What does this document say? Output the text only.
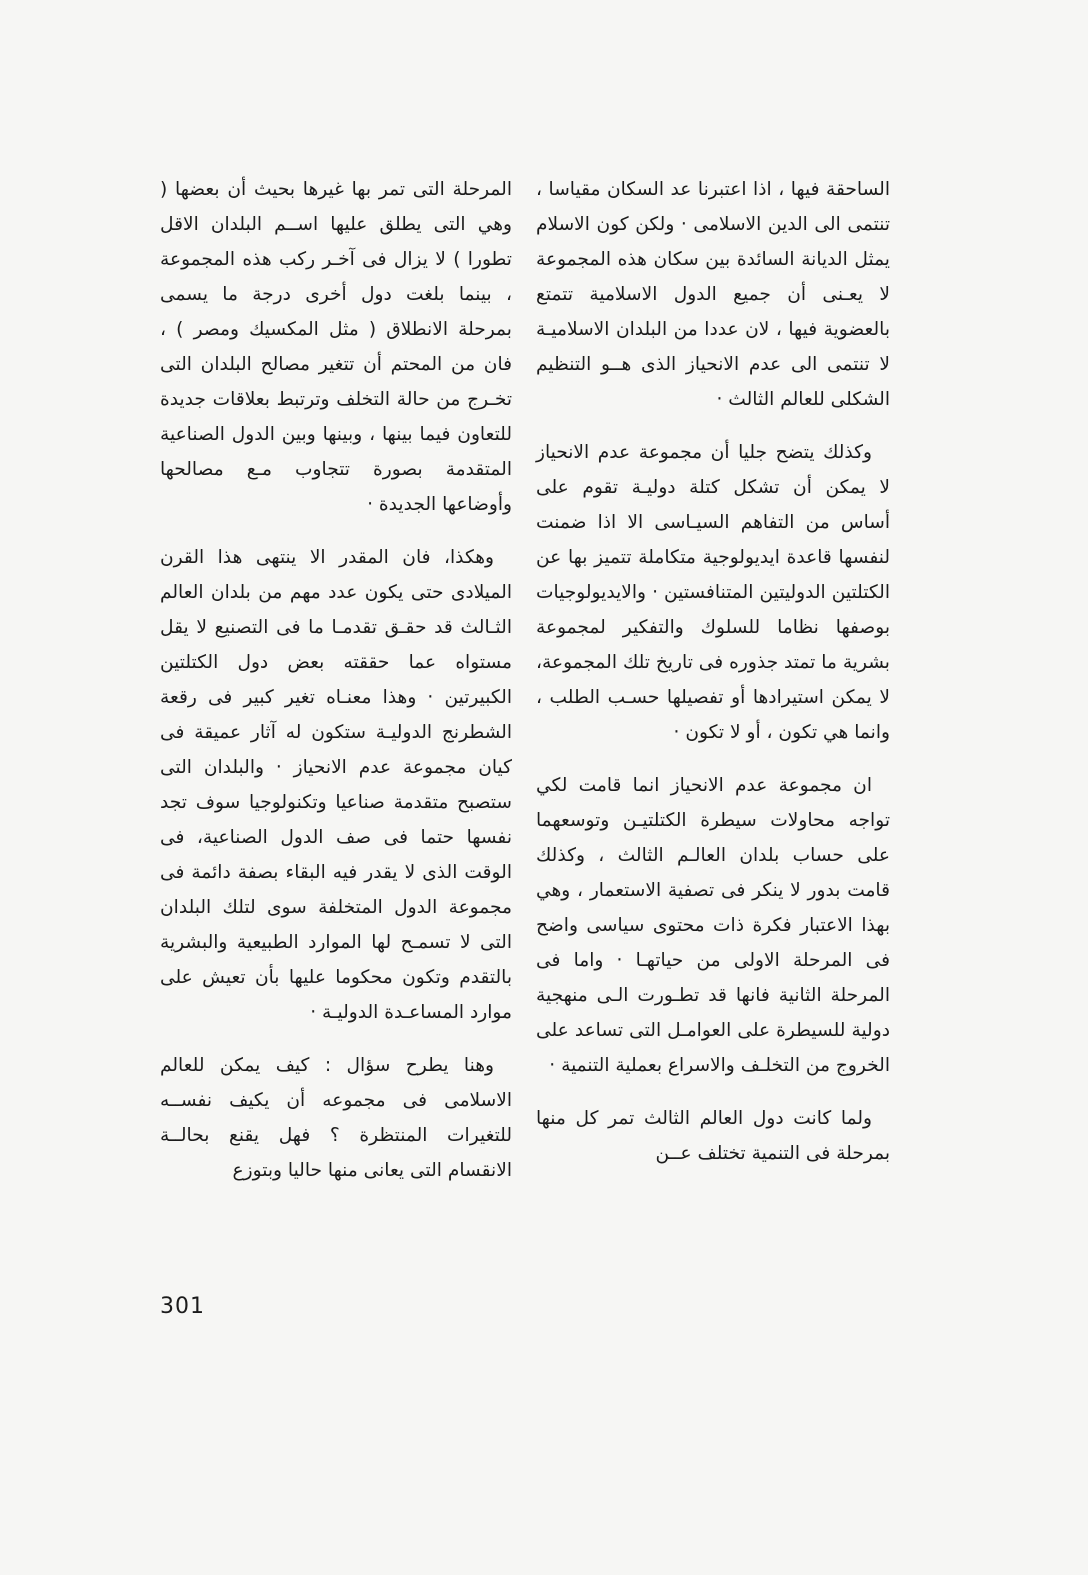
الساحقة فيها ، اذا اعتبرنا عد السكان مقياسا ، تنتمى الى الدين الاسلامى · ولكن كون الاسلام يمثل الديانة السائدة بين سكان هذه المجموعة لا يعـنى أن جميع الدول الاسلامية تتمتع بالعضوية فيها ، لان عددا من البلدان الاسلاميـة لا تنتمى الى عدم الانحياز الذى هــو التنظيم الشكلى للعالم الثالث ·

وكذلك يتضح جليا أن مجموعة عدم الانحياز لا يمكن أن تشكل كتلة دوليـة تقوم على أساس من التفاهم السيـاسى الا اذا ضمنت لنفسها قاعدة ايديولوجية متكاملة تتميز بها عن الكتلتين الدوليتين المتنافستين · والايديولوجيات بوصفها نظاما للسلوك والتفكير لمجموعة بشرية ما تمتد جذوره فى تاريخ تلك المجموعة، لا يمكن استيرادها أو تفصيلها حسـب الطلب ، وانما هي تكون ، أو لا تكون ·

ان مجموعة عدم الانحياز انما قامت لكي تواجه محاولات سيطرة الكتلتيـن وتوسعهما على حساب بلدان العالـم الثالث ، وكذلك قامت بدور لا ينكر فى تصفية الاستعمار ، وهي بهذا الاعتبار فكرة ذات محتوى سياسى واضح فى المرحلة الاولى من حياتهـا · واما فى المرحلة الثانية فانها قد تطـورت الـى منهجية دولية للسيطرة على العوامـل التى تساعد على الخروج من التخلـف والاسراع بعملية التنمية ·

ولما كانت دول العالم الثالث تمر كل منها بمرحلة فى التنمية تختلف عــن

المرحلة التى تمر بها غيرها بحيث أن بعضها ( وهي التى يطلق عليها اســم البلدان الاقل تطورا ) لا يزال فى آخـر ركب هذه المجموعة ، بينما بلغت دول أخرى درجة ما يسمى بمرحلة الانطلاق ( مثل المكسيك ومصر ) ، فان من المحتم أن تتغير مصالح البلدان التى تخـرج من حالة التخلف وترتبط بعلاقات جديدة للتعاون فيما بينها ، وبينها وبين الدول الصناعية المتقدمة بصورة تتجاوب مـع مصالحها وأوضاعها الجديدة ·

وهكذا، فان المقدر الا ينتهى هذا القرن الميلادى حتى يكون عدد مهم من بلدان العالم الثـالث قد حقـق تقدمـا ما فى التصنيع لا يقل مستواه عما حققته بعض دول الكتلتين الكبيرتين · وهذا معنـاه تغير كبير فى رقعة الشطرنج الدوليـة ستكون له آثار عميقة فى كيان مجموعة عدم الانحياز · والبلدان التى ستصبح متقدمة صناعيا وتكنولوجيا سوف تجد نفسها حتما فى صف الدول الصناعية، فى الوقت الذى لا يقدر فيه البقاء بصفة دائمة فى مجموعة الدول المتخلفة سوى لتلك البلدان التى لا تسمـح لها الموارد الطبيعية والبشرية بالتقدم وتكون محكوما عليها بأن تعيش على موارد المساعـدة الدوليـة ·

وهنا يطرح سؤال : كيف يمكن للعالم الاسلامى فى مجموعه أن يكيف نفســه للتغيرات المنتظرة ؟ فهل يقنع بحالــة الانقسام التى يعانى منها حاليا وبتوزع

301
